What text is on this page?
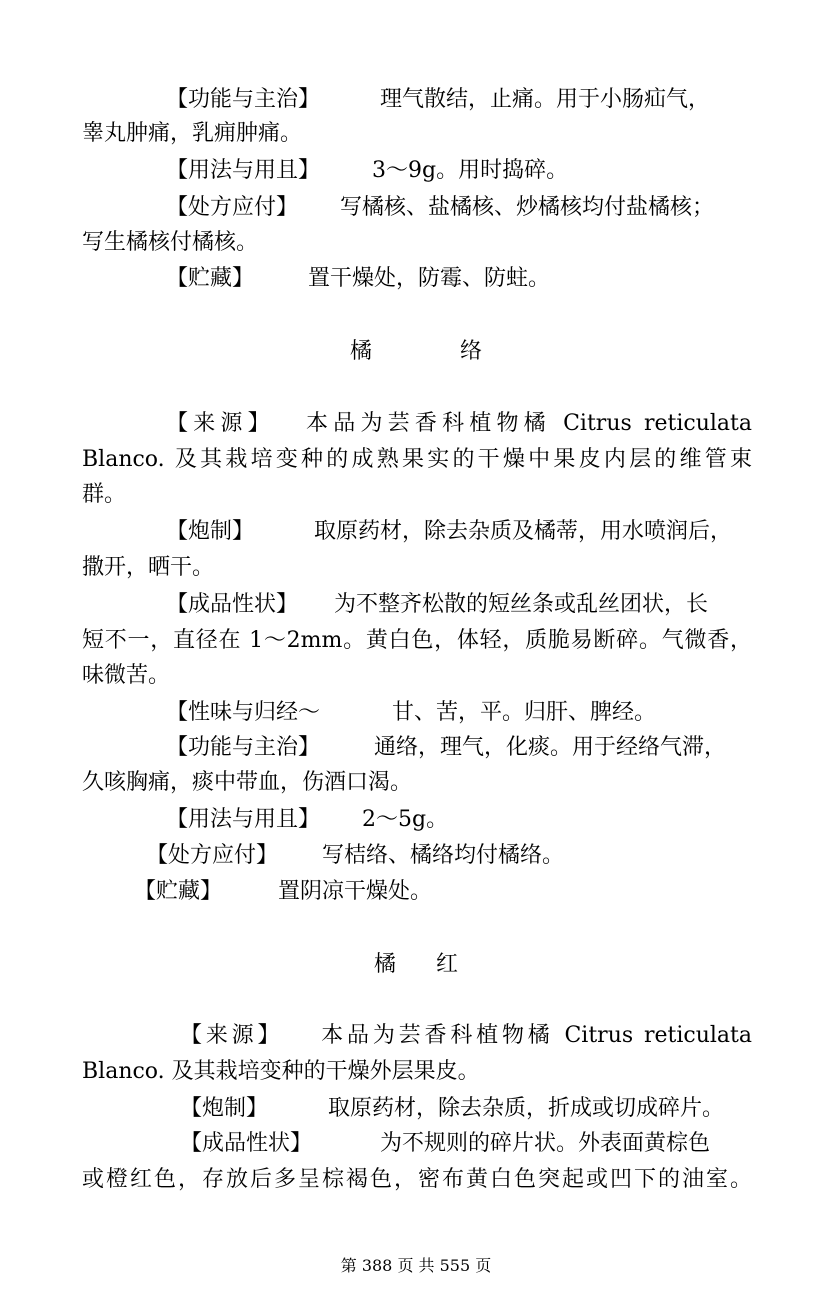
【功能与主治】	理气散结，止痛。用于小肠疝气，
睾丸肿痛，乳痈肿痛。
【用法与用且】 3～9g。用时捣碎。
【处方应付】 写橘核、盐橘核、炒橘核均付盐橘核；
写生橘核付橘核。
【贮藏】 置干燥处，防霉、防蛀。
橘	络
【来源】 本品为芸香科植物橘 Citrus reticulata
Blanco. 及其栽培变种的成熟果实的干燥中果皮内层的维管束
群。
【炮制】	取原药材，除去杂质及橘蒂，用水喷润后，
撒开，晒干。
【成品性状】 为不整齐松散的短丝条或乱丝团状，长
短不一，直径在 1～2mm。黄白色，体轻，质脆易断碎。气微香，
味微苦。
【性味与归经～	甘、苦，平。归肝、脾经。
【功能与主治】 通络，理气，化痰。用于经络气滞，
久咳胸痛，痰中带血，伤酒口渴。
【用法与用且】 2～5g。
【处方应付】 写桔络、橘络均付橘络。
【贮藏】	置阴凉干燥处。
橘 红
【来源】 本品为芸香科植物橘 Citrus reticulata
Blanco. 及其栽培变种的干燥外层果皮。
【炮制】	取原药材，除去杂质，折成或切成碎片。
【成品性状】	为不规则的碎片状。外表面黄棕色
或橙红色，存放后多呈棕褐色，密布黄白色突起或凹下的油室。
第 388 页 共 555 页
